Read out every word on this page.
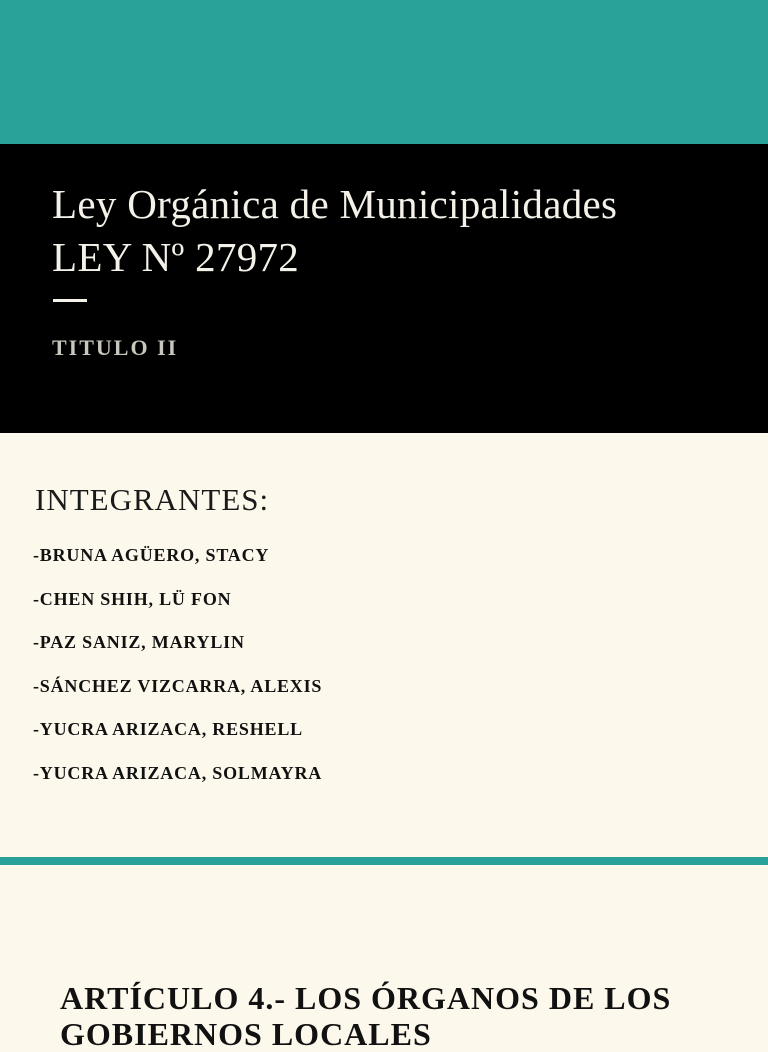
Ley Orgánica de Municipalidades
LEY Nº 27972
TITULO II
INTEGRANTES:
-BRUNA AGÜERO, STACY
-CHEN SHIH, LÜ FON
-PAZ SANIZ, MARYLIN
-SÁNCHEZ VIZCARRA, ALEXIS
-YUCRA ARIZACA, RESHELL
-YUCRA ARIZACA, SOLMAYRA
ARTÍCULO 4.- LOS ÓRGANOS DE LOS GOBIERNOS LOCALES
